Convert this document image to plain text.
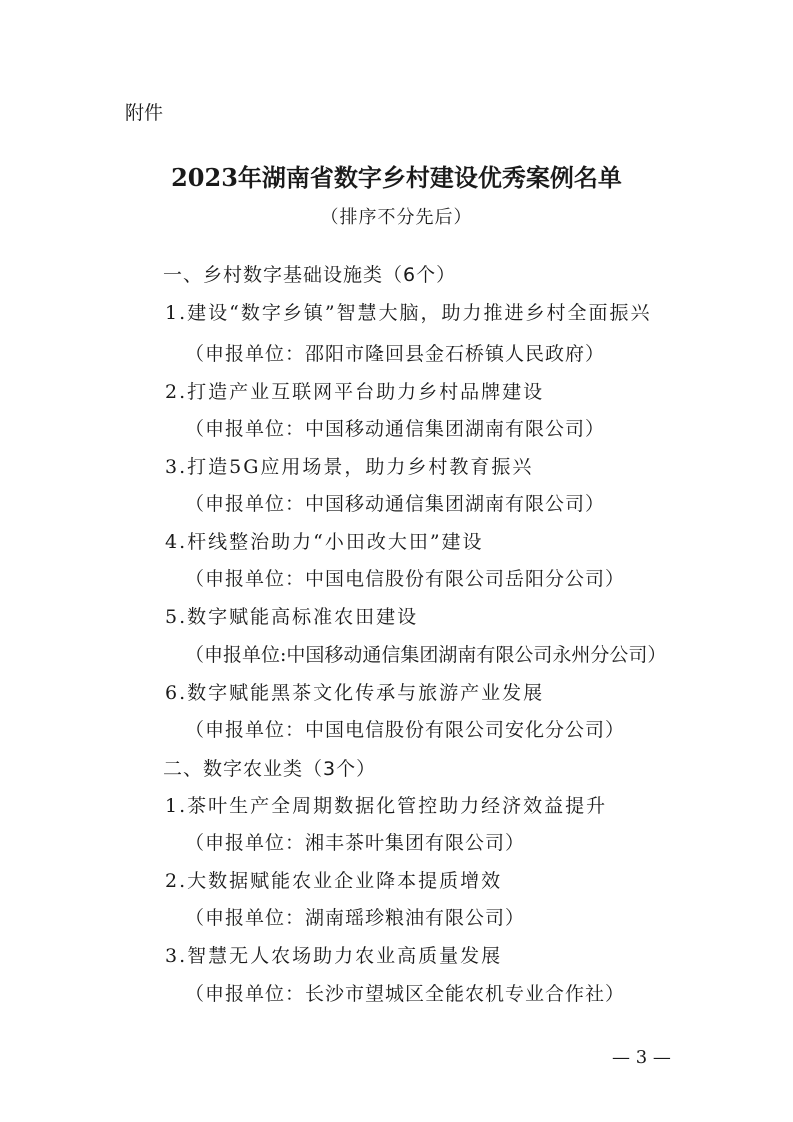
附件
2023年湖南省数字乡村建设优秀案例名单
（排序不分先后）
一、乡村数字基础设施类（6个）
1.建设“数字乡镇”智慧大脑，助力推进乡村全面振兴
（申报单位：邵阳市隆回县金石桥镇人民政府）
2.打造产业互联网平台助力乡村品牌建设
（申报单位：中国移动通信集团湖南有限公司）
3.打造5G应用场景，助力乡村教育振兴
（申报单位：中国移动通信集团湖南有限公司）
4.杆线整治助力“小田改大田”建设
（申报单位：中国电信股份有限公司岳阳分公司）
5.数字赋能高标准农田建设
（申报单位:中国移动通信集团湖南有限公司永州分公司）
6.数字赋能黑茶文化传承与旅游产业发展
（申报单位：中国电信股份有限公司安化分公司）
二、数字农业类（3个）
1.茶叶生产全周期数据化管控助力经济效益提升
（申报单位：湘丰茶叶集团有限公司）
2.大数据赋能农业企业降本提质增效
（申报单位：湖南瑶珍粮油有限公司）
3.智慧无人农场助力农业高质量发展
（申报单位：长沙市望城区全能农机专业合作社）
— 3 —
